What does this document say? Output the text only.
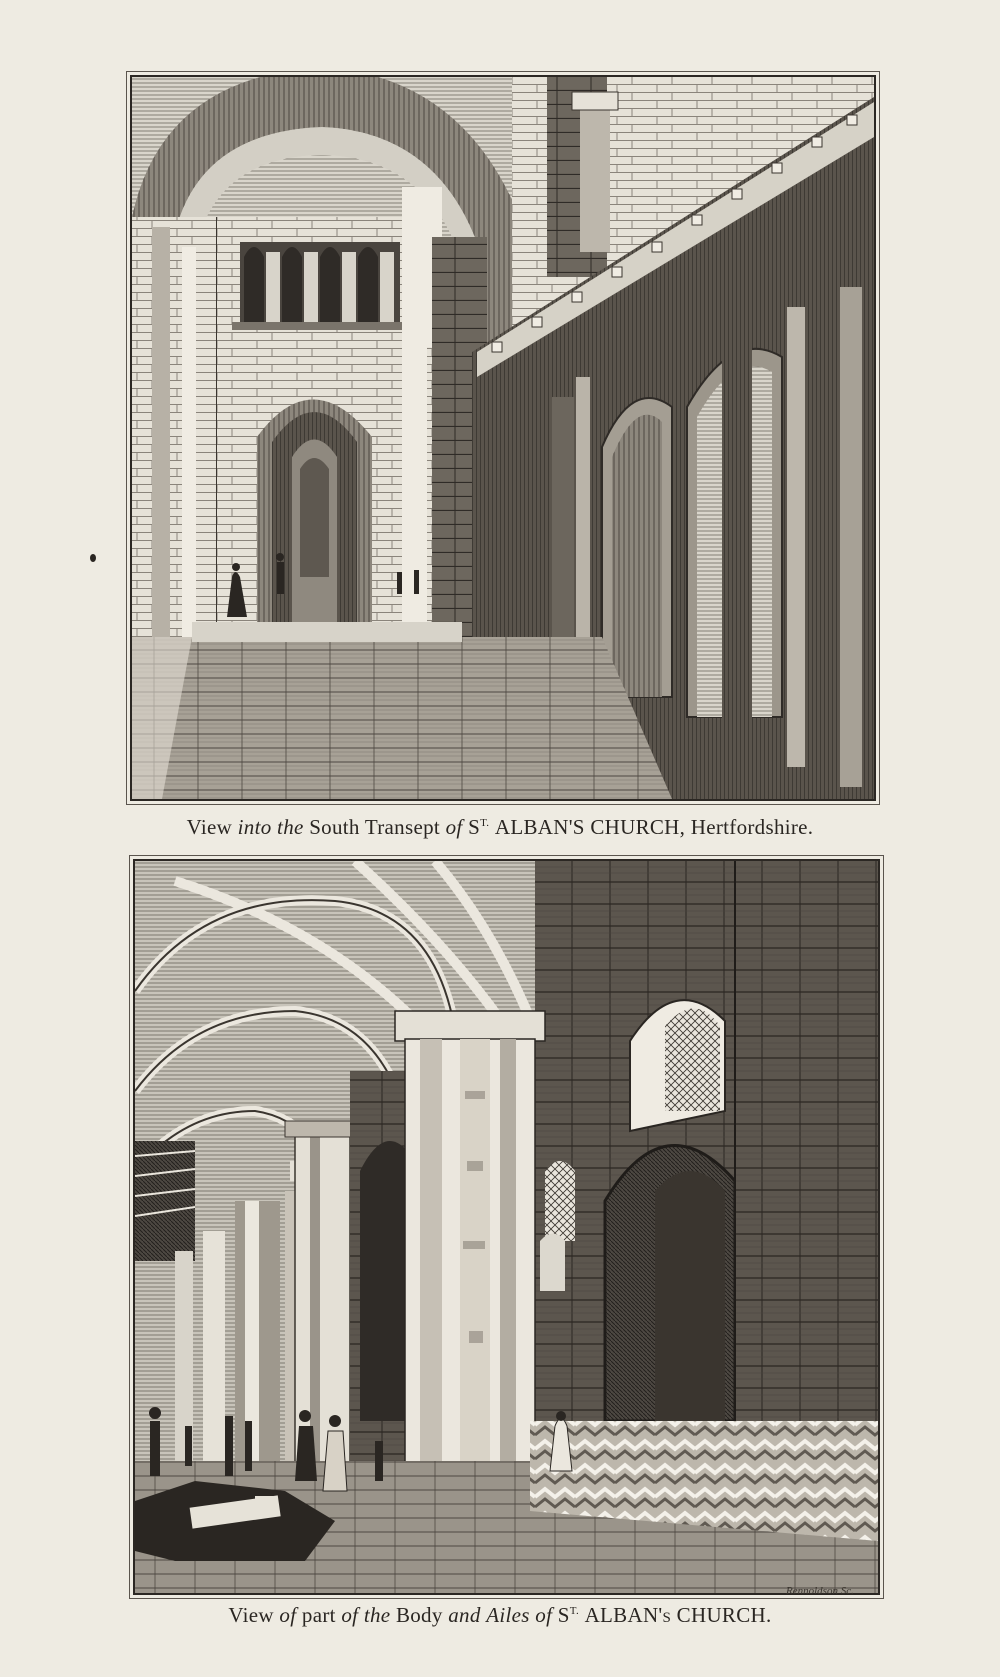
View into the South Transept of $S^{T.}$ ALBAN'S CHURCH, Hertfordshire.
View of part of the Body and Ailes of $S^{T.}$ ALBAN's CHURCH.
Rennoldson Sc.
